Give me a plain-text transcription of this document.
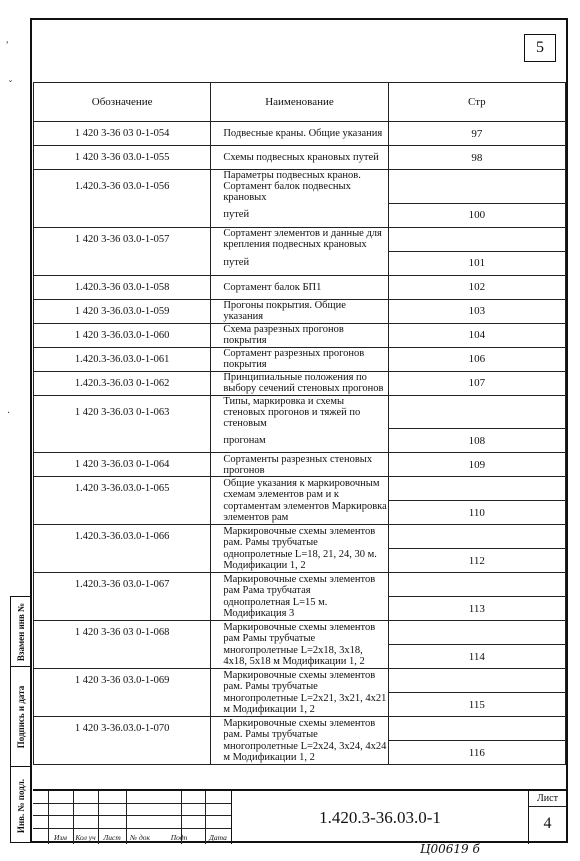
5
Обозначение	Наименование	Стр
1 420 3-36 03 0-1-054	Подвесные краны. Общие указания	97
1 420 3-36 03.0-1-055	Схемы подвесных крановых путей	98
1.420.3-36 03.0-1-056	Параметры подвесных кранов. Сортамент балок подвесных крановых	
	путей	100
1 420 3-36 03.0-1-057	Сортамент элементов и данные для крепления подвесных крановых	
	путей	101
1.420.3-36 03.0-1-058	Сортамент балок БП1	102
1 420 3-36.03.0-1-059	Прогоны покрытия. Общие указания	103
1 420 3-36.03.0-1-060	Схема разрезных прогонов покрытия	104
1.420.3-36.03.0-1-061	Сортамент разрезных прогонов покрытия	106
1.420.3-36.03 0-1-062	Принципиальные положения по выбору сечений стеновых прогонов	107
1 420 3-36.03 0-1-063	Типы, маркировка и схемы стеновых прогонов и тяжей по стеновым	
	прогонам	108
1 420 3-36.03 0-1-064	Сортаменты разрезных стеновых прогонов	109
1.420 3-36.03.0-1-065	Общие указания к маркировочным схемам элементов рам и к	
	сортаментам элементов Маркировка элементов рам	110
1.420.3-36.03.0-1-066	Маркировочные схемы элементов рам. Рамы трубчатые	
	однопролетные L=18, 21, 24, 30 м. Модификации 1, 2	112
1.420.3-36 03.0-1-067	Маркировочные схемы элементов рам Рама трубчатая	
	однопролетная L=15 м. Модификация 3	113
1 420 3-36 03 0-1-068	Маркировочные схемы элементов рам Рамы трубчатые	
	многопролетные L=2x18, 3x18, 4x18, 5x18 м Модификации 1, 2	114
1 420 3-36 03.0-1-069	Маркировочные схемы элементов рам. Рамы трубчатые	
	многопролетные L=2x21, 3x21, 4x21 м Модификации 1, 2	115
1 420 3-36.03.0-1-070	Маркировочные схемы элементов рам. Рамы трубчатые	
	многопролетные L=2x24, 3x24, 4x24 м Модификации 1, 2	116
Взамен инв №
Подпись и дата
Инв. № подл.
Изм	Кол уч	Лист	№ док	Подп	Дата
1.420.3-36.03.0-1
Лист
4
Ц00619 б
˒
ˇ
·
